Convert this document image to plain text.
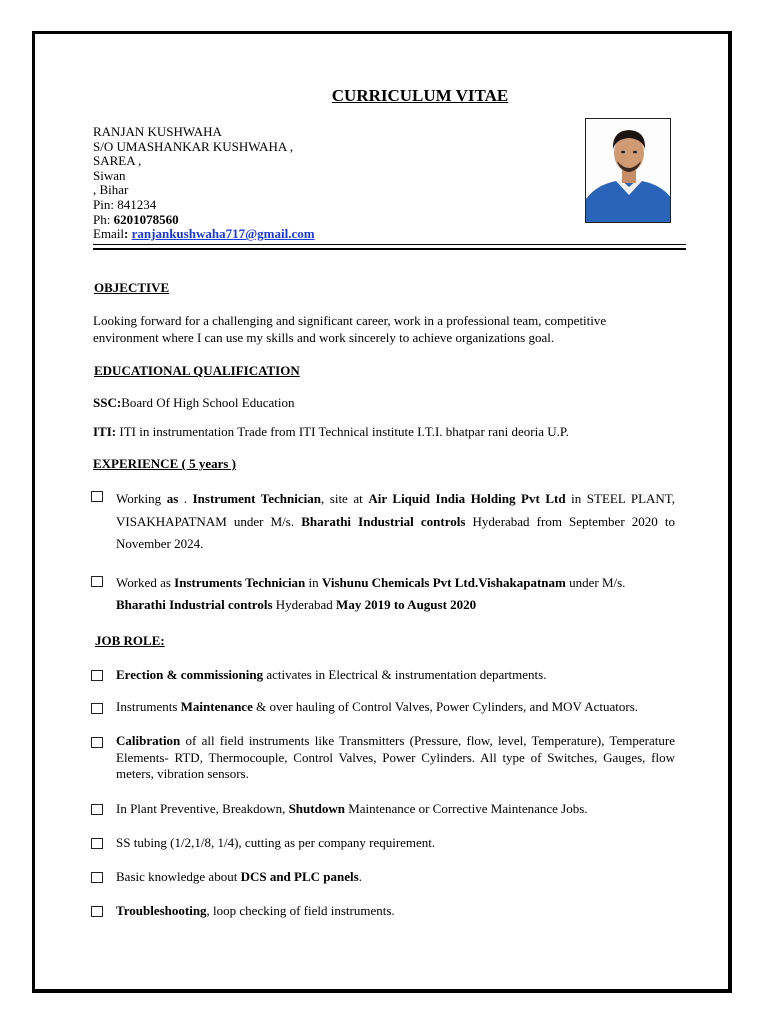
CURRICULUM VITAE
RANJAN KUSHWAHA
S/O UMASHANKAR KUSHWAHA ,
SAREA ,
Siwan
, Bihar
Pin: 841234
Ph: 6201078560
Email: ranjankushwaha717@gmail.com
OBJECTIVE
Looking forward for a challenging and significant career, work in a professional team, competitive environment where I can use my skills and work sincerely to achieve organizations goal.
EDUCATIONAL QUALIFICATION
SSC:Board Of High School Education
ITI: ITI in instrumentation Trade from ITI Technical institute I.T.I. bhatpar rani deoria U.P.
EXPERIENCE ( 5 years )
Working as . Instrument Technician, site at Air Liquid India Holding Pvt Ltd in STEEL PLANT, VISAKHAPATNAM under M/s. Bharathi Industrial controls Hyderabad from September 2020 to November 2024.
Worked as Instruments Technician in Vishunu Chemicals Pvt Ltd.Vishakapatnam under M/s.
Bharathi Industrial controls Hyderabad May 2019 to August 2020
JOB ROLE:
Erection & commissioning activates in Electrical & instrumentation departments.
Instruments Maintenance & over hauling of Control Valves, Power Cylinders, and MOV Actuators.
Calibration of all field instruments like Transmitters (Pressure, flow, level, Temperature), Temperature Elements- RTD, Thermocouple, Control Valves, Power Cylinders. All type of Switches, Gauges, flow meters, vibration sensors.
In Plant Preventive, Breakdown, Shutdown Maintenance or Corrective Maintenance Jobs.
SS tubing (1/2,1/8, 1/4), cutting as per company requirement.
Basic knowledge about DCS and PLC panels.
Troubleshooting, loop checking of field instruments.
